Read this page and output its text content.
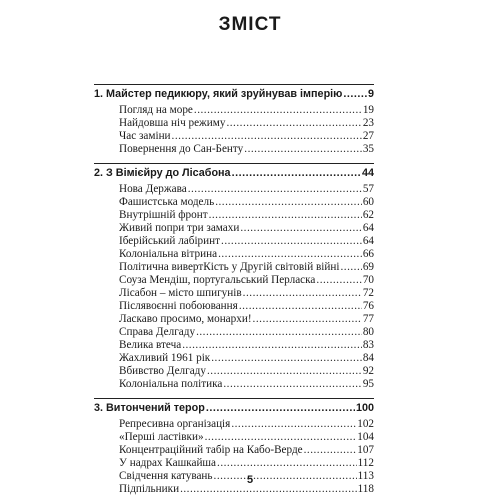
ЗМІСТ
1. Майстер педикюру, який зруйнував імперію ..... 9
Погляд на море .....	19
Найдовша ніч режиму .....	23
Час заміни .....	27
Повернення до Сан-Бенту .....	35
2. З Вімієйру до Лісабона .....	44
Нова Держава .....	57
Фашистська модель .....	60
Внутрішній фронт .....	62
Живий попри три замахи .....	64
Іберійський лабіринт .....	64
Колоніальна вітрина .....	66
Політична вивертКість у Другій світовій війні ..... 69
Соуза Мендіш, португальський Перласка .....	70
Лісабон – місто шпигунів .....	72
Післявоєнні побоювання .....	76
Ласкаво просимо, монархи! .....	77
Справа Делгаду .....	80
Велика втеча .....	83
Жахливий 1961 рік .....	84
Вбивство Делгаду .....	92
Колоніальна політика .....	95
3. Витончений терор .....	100
Репресивна організація .....	102
«Перші ластівки» .....	104
Концентраційний табір на Кабо-Верде .....	107
У надрах Кашкайша .....	112
Свідчення катувань .....	113
Підпільники .....	118
5
